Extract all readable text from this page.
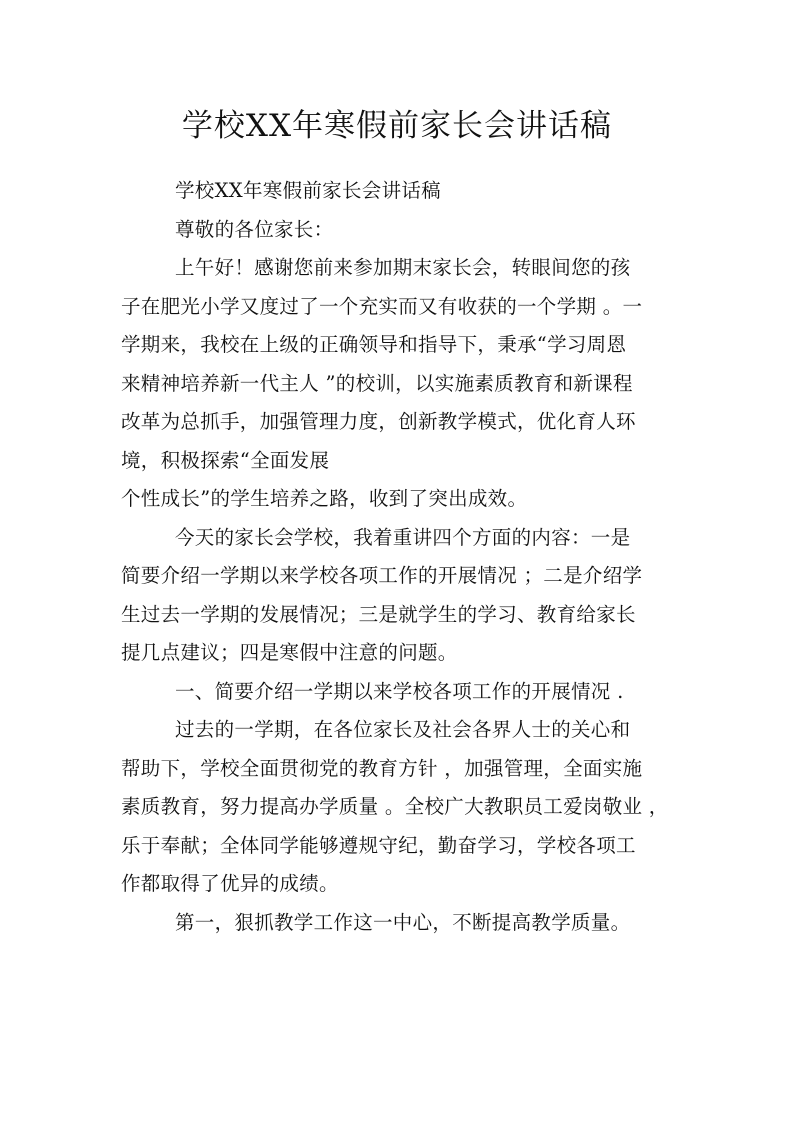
学校XX年寒假前家长会讲话稿
学校XX年寒假前家长会讲话稿
尊敬的各位家长：
上午好！感谢您前来参加期末家长会，转眼间您的孩
子在肥光小学又度过了一个充实而又有收获的一个学期 。一
学期来，我校在上级的正确领导和指导下，秉承“学习周恩
来精神培养新一代主人 ”的校训，以实施素质教育和新课程
改革为总抓手，加强管理力度，创新教学模式，优化育人环
境，积极探索“全面发展
个性成长”的学生培养之路，收到了突出成效。
今天的家长会学校，我着重讲四个方面的内容：一是
简要介绍一学期以来学校各项工作的开展情况 ；二是介绍学
生过去一学期的发展情况；三是就学生的学习、教育给家长
提几点建议；四是寒假中注意的问题。
一、简要介绍一学期以来学校各项工作的开展情况 .
过去的一学期，在各位家长及社会各界人士的关心和
帮助下，学校全面贯彻党的教育方针 ，加强管理，全面实施
素质教育，努力提高办学质量 。全校广大教职员工爱岗敬业 ，
乐于奉献；全体同学能够遵规守纪，勤奋学习，学校各项工
作都取得了优异的成绩。
第一，狠抓教学工作这一中心，不断提高教学质量。
